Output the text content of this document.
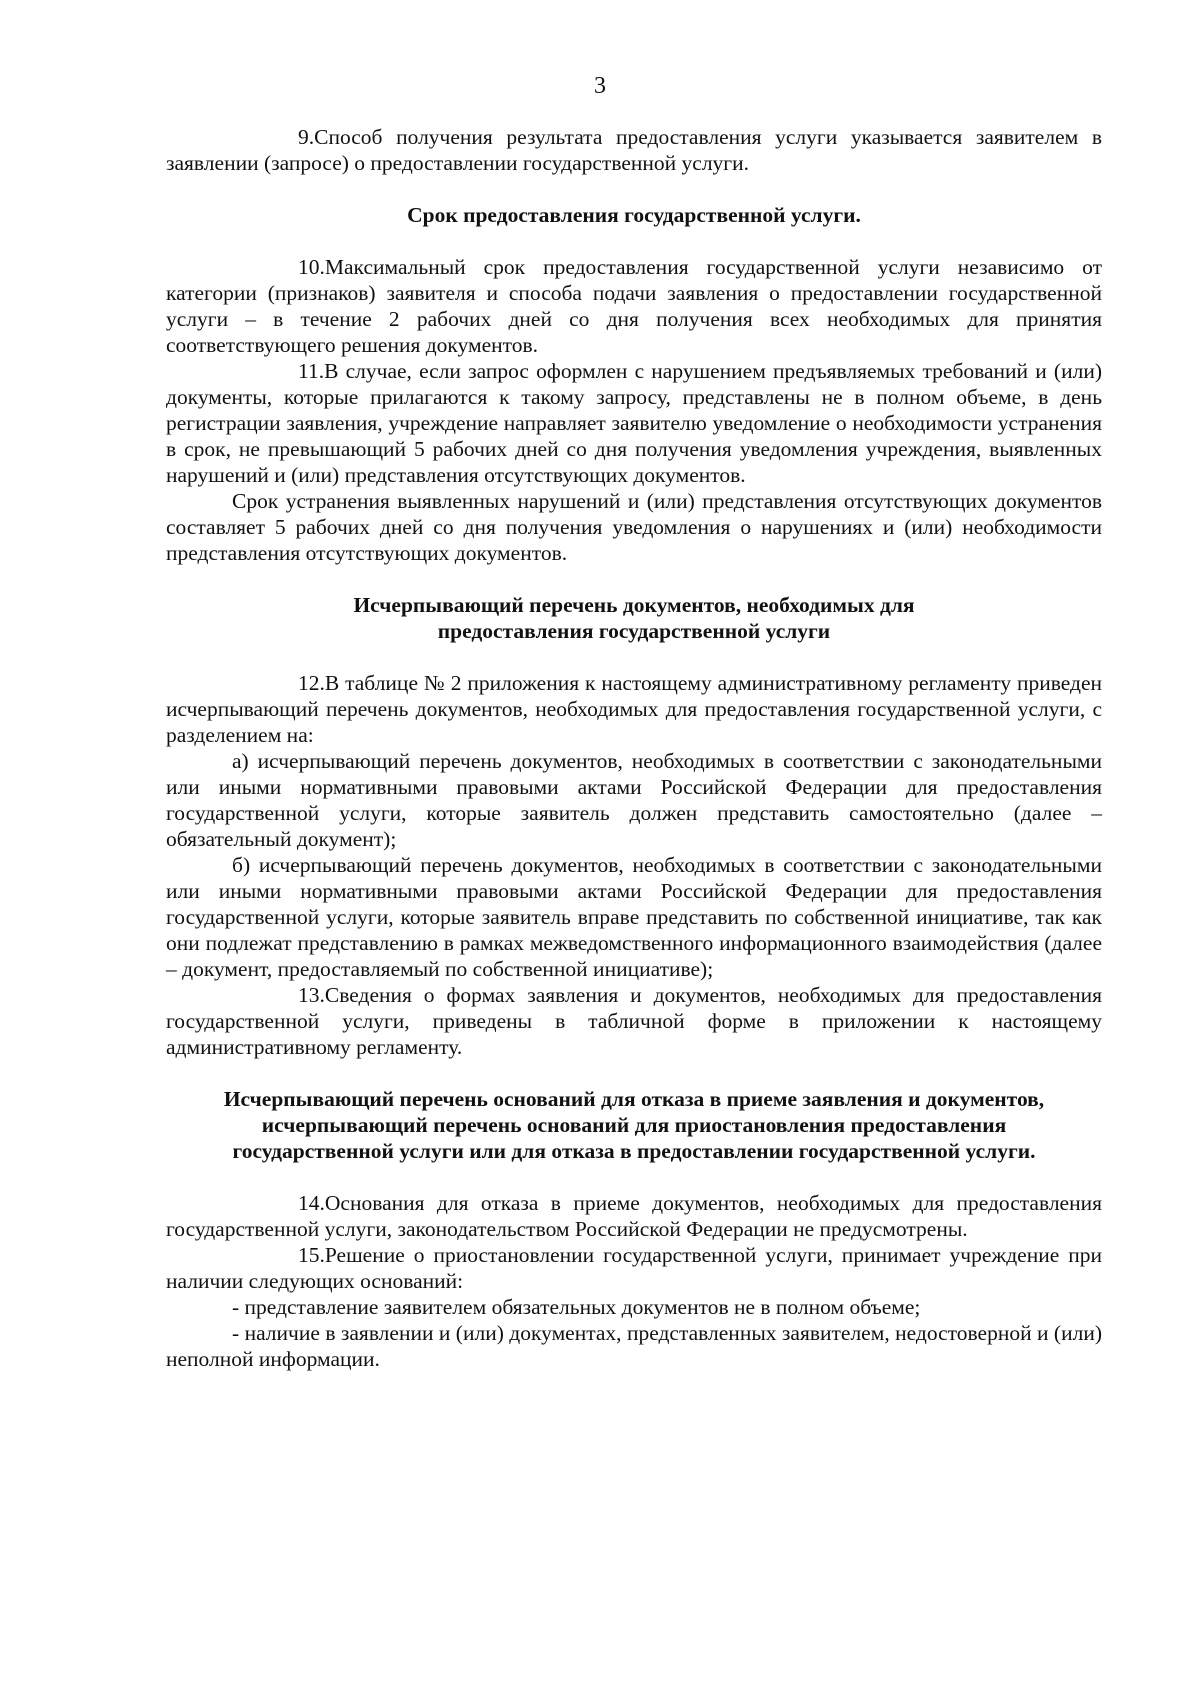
3

9.Способ получения результата предоставления услуги указывается заявителем в заявлении (запросе) о предоставлении государственной услуги.

Срок предоставления государственной услуги.

10.Максимальный срок предоставления государственной услуги независимо от категории (признаков) заявителя и способа подачи заявления о предоставлении государственной услуги – в течение 2 рабочих дней со дня получения всех необходимых для принятия соответствующего решения документов.

11.В случае, если запрос оформлен с нарушением предъявляемых требований и (или) документы, которые прилагаются к такому запросу, представлены не в полном объеме, в день регистрации заявления, учреждение направляет заявителю уведомление о необходимости устранения в срок, не превышающий 5 рабочих дней со дня получения уведомления учреждения, выявленных нарушений и (или) представления отсутствующих документов.

Срок устранения выявленных нарушений и (или) представления отсутствующих документов составляет 5 рабочих дней со дня получения уведомления о нарушениях и (или) необходимости представления отсутствующих документов.

Исчерпывающий перечень документов, необходимых для

предоставления государственной услуги

12.В таблице № 2 приложения к настоящему административному регламенту приведен исчерпывающий перечень документов, необходимых для предоставления государственной услуги, с разделением на:

а) исчерпывающий перечень документов, необходимых в соответствии с законодательными или иными нормативными правовыми актами Российской Федерации для предоставления государственной услуги, которые заявитель должен представить самостоятельно (далее – обязательный документ);

б) исчерпывающий перечень документов, необходимых в соответствии с законодательными или иными нормативными правовыми актами Российской Федерации для предоставления государственной услуги, которые заявитель вправе представить по собственной инициативе, так как они подлежат представлению в рамках межведомственного информационного взаимодействия (далее – документ, предоставляемый по собственной инициативе);

13.Сведения о формах заявления и документов, необходимых для предоставления государственной услуги, приведены в табличной форме в приложении к настоящему административному регламенту.

Исчерпывающий перечень оснований для отказа в приеме заявления и документов,

исчерпывающий перечень оснований для приостановления предоставления

государственной услуги или для отказа в предоставлении государственной услуги.

14.Основания для отказа в приеме документов, необходимых для предоставления государственной услуги, законодательством Российской Федерации не предусмотрены.

15.Решение о приостановлении государственной услуги, принимает учреждение при наличии следующих оснований:

- представление заявителем обязательных документов не в полном объеме;

- наличие в заявлении и (или) документах, представленных заявителем, недостоверной и (или) неполной информации.
